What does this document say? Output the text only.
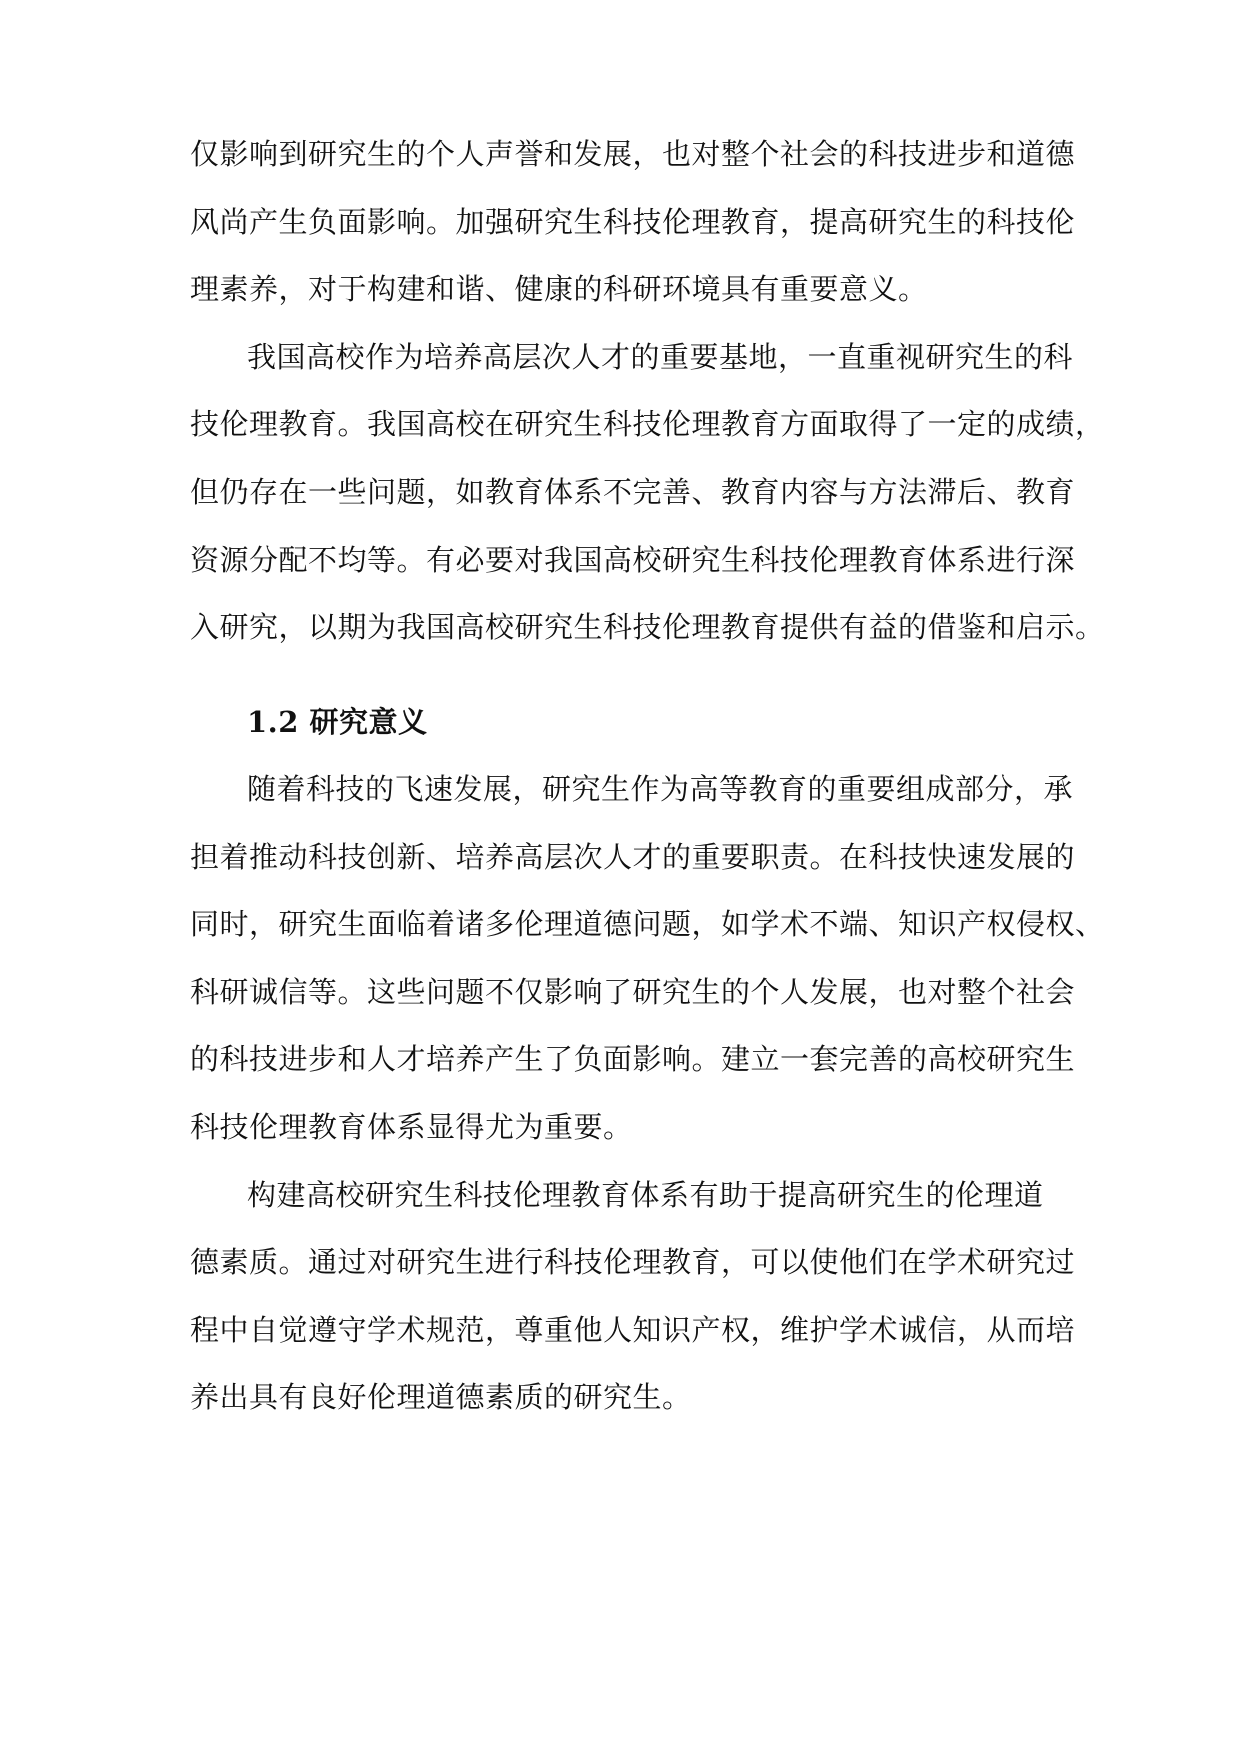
仅影响到研究生的个人声誉和发展，也对整个社会的科技进步和道德
风尚产生负面影响。加强研究生科技伦理教育，提高研究生的科技伦
理素养，对于构建和谐、健康的科研环境具有重要意义。
我国高校作为培养高层次人才的重要基地，一直重视研究生的科
技伦理教育。我国高校在研究生科技伦理教育方面取得了一定的成绩，
但仍存在一些问题，如教育体系不完善、教育内容与方法滞后、教育
资源分配不均等。有必要对我国高校研究生科技伦理教育体系进行深
入研究，以期为我国高校研究生科技伦理教育提供有益的借鉴和启示。
1.2 研究意义
随着科技的飞速发展，研究生作为高等教育的重要组成部分，承
担着推动科技创新、培养高层次人才的重要职责。在科技快速发展的
同时，研究生面临着诸多伦理道德问题，如学术不端、知识产权侵权、
科研诚信等。这些问题不仅影响了研究生的个人发展，也对整个社会
的科技进步和人才培养产生了负面影响。建立一套完善的高校研究生
科技伦理教育体系显得尤为重要。
构建高校研究生科技伦理教育体系有助于提高研究生的伦理道
德素质。通过对研究生进行科技伦理教育，可以使他们在学术研究过
程中自觉遵守学术规范，尊重他人知识产权，维护学术诚信，从而培
养出具有良好伦理道德素质的研究生。
